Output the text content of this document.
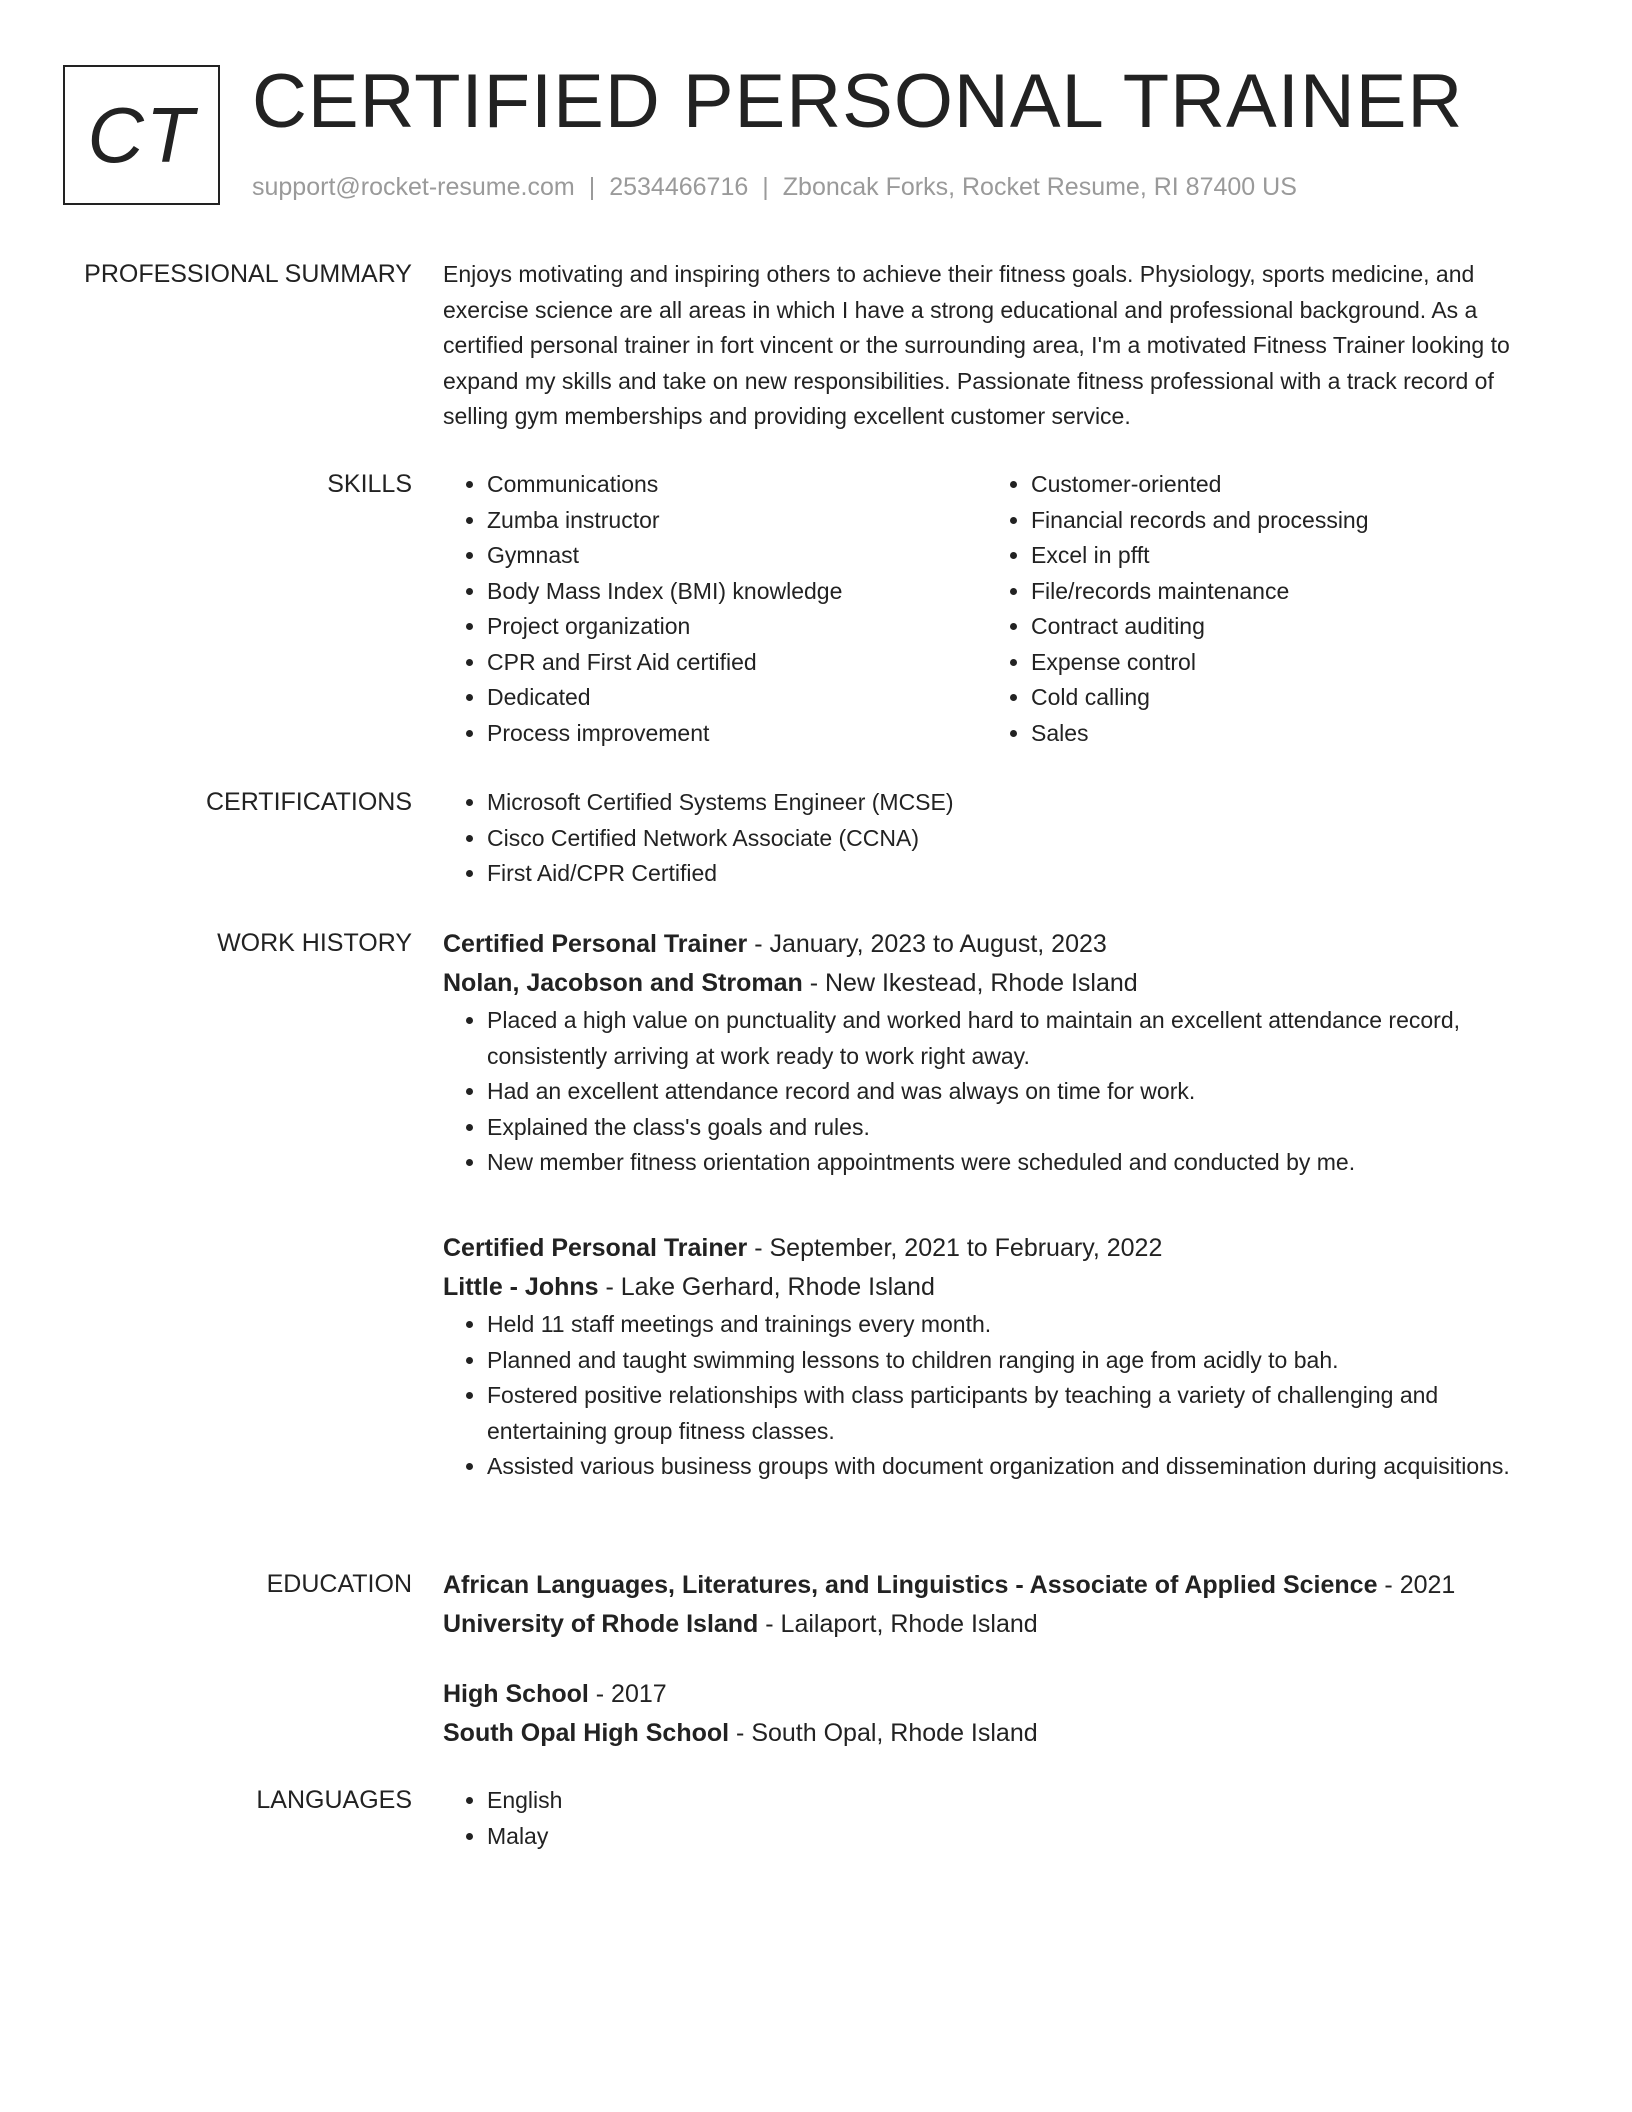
CT CERTIFIED PERSONAL TRAINER
support@rocket-resume.com | 2534466716 | Zboncak Forks, Rocket Resume, RI 87400 US
PROFESSIONAL SUMMARY Enjoys motivating and inspiring others to achieve their fitness goals. Physiology, sports medicine, and exercise science are all areas in which I have a strong educational and professional background. As a certified personal trainer in fort vincent or the surrounding area, I'm a motivated Fitness Trainer looking to expand my skills and take on new responsibilities. Passionate fitness professional with a track record of selling gym memberships and providing excellent customer service.

SKILLS	• Communications
• Zumba instructor
• Gymnast
• Body Mass Index (BMI) knowledge
• Project organization
• CPR and First Aid certified
• Dedicated
• Process improvement
• Customer-oriented
• Financial records and processing
• Excel in pfft
• File/records maintenance
• Contract auditing
• Expense control
• Cold calling
• Sales
CERTIFICATIONS	• Microsoft Certified Systems Engineer (MCSE)
• Cisco Certified Network Associate (CCNA)
• First Aid/CPR Certified
WORK HISTORY Certified Personal Trainer - January, 2023 to August, 2023
Nolan, Jacobson and Stroman - New Ikestead, Rhode Island
• Placed a high value on punctuality and worked hard to maintain an excellent attendance record, consistently arriving at work ready to work right away.
• Had an excellent attendance record and was always on time for work.
• Explained the class's goals and rules.
• New member fitness orientation appointments were scheduled and conducted by me.
Certified Personal Trainer - September, 2021 to February, 2022
Little - Johns - Lake Gerhard, Rhode Island
• Held 11 staff meetings and trainings every month.
• Planned and taught swimming lessons to children ranging in age from acidly to bah.
• Fostered positive relationships with class participants by teaching a variety of challenging and entertaining group fitness classes.
• Assisted various business groups with document organization and dissemination during acquisitions.
EDUCATION African Languages, Literatures, and Linguistics - Associate of Applied Science - 2021
University of Rhode Island - Lailaport, Rhode Island
High School - 2017
South Opal High School - South Opal, Rhode Island
LANGUAGES	• English
• Malay
